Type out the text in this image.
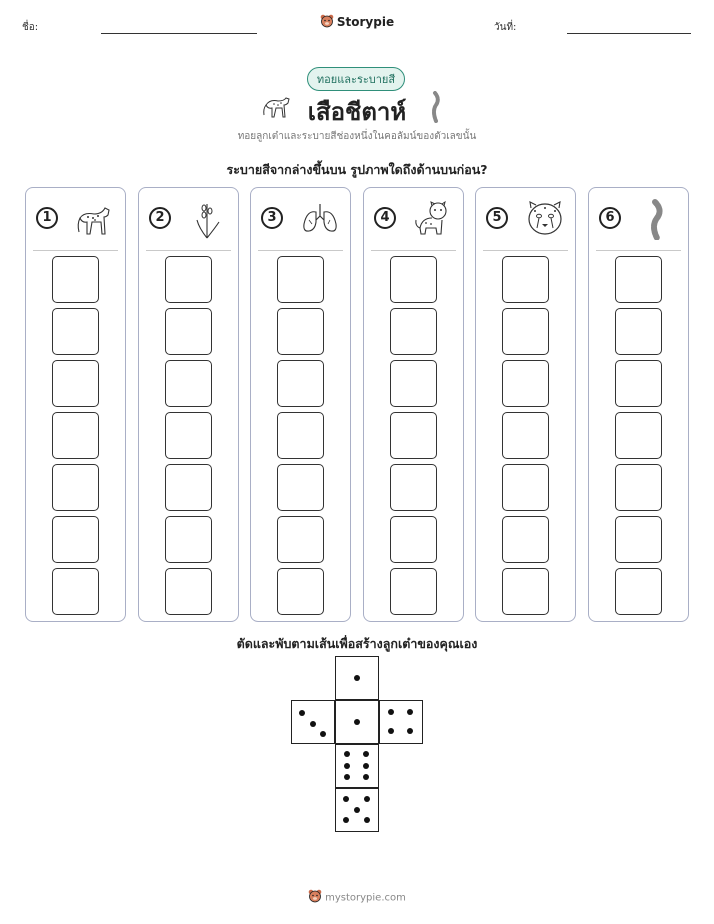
ชื่อ:	Storypie	วันที่:
ทอยและระบายสี
เสือชีตาห์
ทอยลูกเต๋าและระบายสีช่องหนึ่งในคอลัมน์ของตัวเลขนั้น
ระบายสีจากล่างขึ้นบน รูปภาพใดถึงด้านบนก่อน?
1	2	3	4	5	6
ตัดและพับตามเส้นเพื่อสร้างลูกเต๋าของคุณเอง
mystorypie.com
